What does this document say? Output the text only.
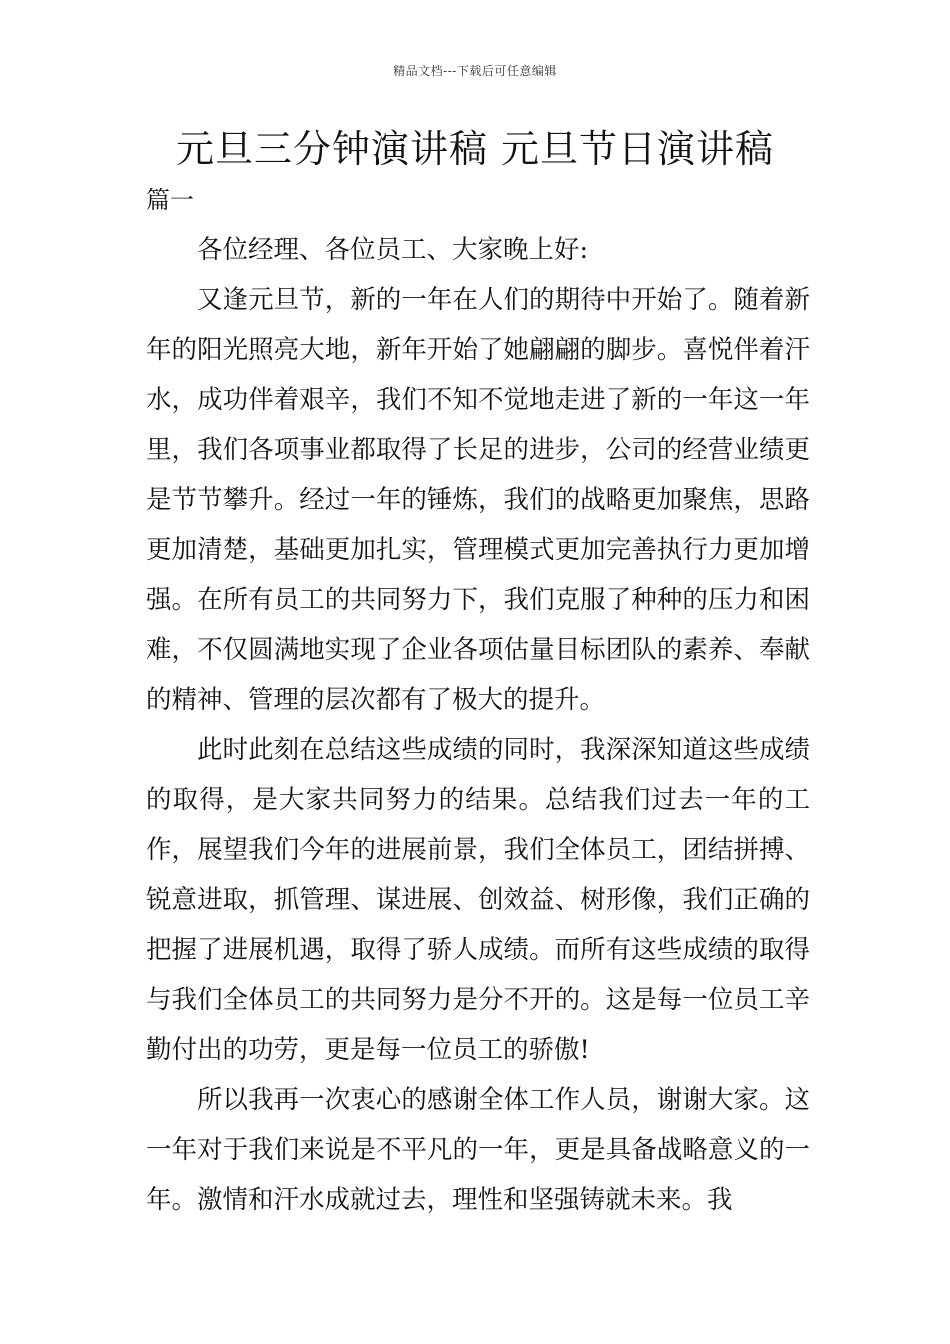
精品文档---下载后可任意编辑
元旦三分钟演讲稿 元旦节日演讲稿
篇一

各位经理、各位员工、大家晚上好:

又逢元旦节，新的一年在人们的期待中开始了。随着新年的阳光照亮大地，新年开始了她翩翩的脚步。喜悦伴着汗水，成功伴着艰辛，我们不知不觉地走进了新的一年这一年里，我们各项事业都取得了长足的进步，公司的经营业绩更是节节攀升。经过一年的锤炼，我们的战略更加聚焦，思路更加清楚，基础更加扎实，管理模式更加完善执行力更加增强。在所有员工的共同努力下，我们克服了种种的压力和困难，不仅圆满地实现了企业各项估量目标团队的素养、奉献的精神、管理的层次都有了极大的提升。

此时此刻在总结这些成绩的同时，我深深知道这些成绩的取得，是大家共同努力的结果。总结我们过去一年的工作，展望我们今年的进展前景，我们全体员工，团结拼搏、锐意进取，抓管理、谋进展、创效益、树形像，我们正确的把握了进展机遇，取得了骄人成绩。而所有这些成绩的取得与我们全体员工的共同努力是分不开的。这是每一位员工辛勤付出的功劳，更是每一位员工的骄傲!

所以我再一次衷心的感谢全体工作人员，谢谢大家。这一年对于我们来说是不平凡的一年，更是具备战略意义的一年。激情和汗水成就过去，理性和坚强铸就未来。我
